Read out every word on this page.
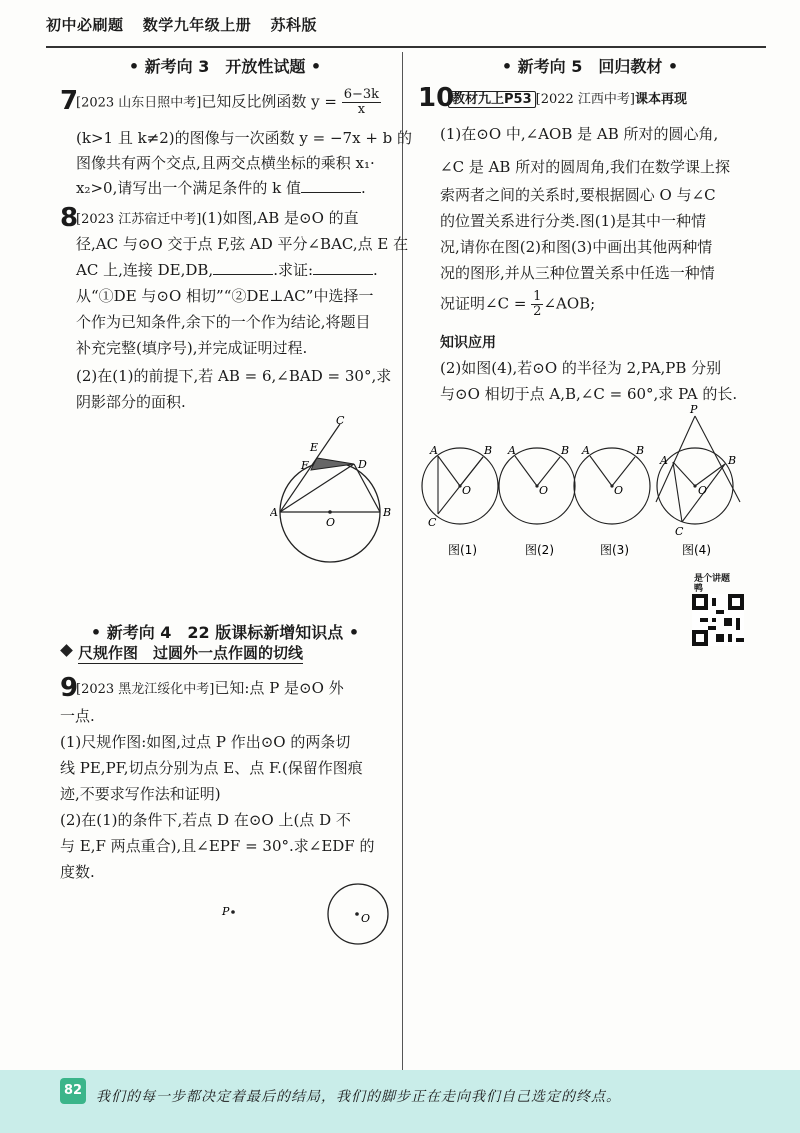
初中必刷题 数学九年级上册 苏科版
• 新考向 3　开放性试题 •
7
[2023 山东日照中考]已知反比例函数 $y = \frac{6-3k}{x}$
(k>1 且 k≠2)的图像与一次函数 y = −7x + b 的
图像共有两个交点,且两交点横坐标的乘积 x₁·
x₂>0,请写出一个满足条件的 k 值	.
8
[2023 江苏宿迁中考](1)如图,AB 是⊙O 的直
径,AC 与⊙O 交于点 F,弦 AD 平分∠BAC,点 E 在
AC 上,连接 DE,DB,	.求证:	.
从“①DE 与⊙O 相切”“②DE⊥AC”中选择一
个作为已知条件,余下的一个作为结论,将题目
补充完整(填序号),并完成证明过程.
(2)在(1)的前提下,若 AB = 6,∠BAD = 30°,求
阴影部分的面积.
C
E
F	D
A
O
B
• 新考向 4　22 版课标新增知识点 •
尺规作图　过圆外一点作圆的切线
9
[2023 黑龙江绥化中考]已知:点 P 是⊙O 外
一点.
(1)尺规作图:如图,过点 P 作出⊙O 的两条切
线 PE,PF,切点分别为点 E、点 F.(保留作图痕
迹,不要求写作法和证明)
(2)在(1)的条件下,若点 D 在⊙O 上(点 D 不
与 E,F 两点重合),且∠EPF = 30°.求∠EDF 的
度数.
O
P
• 新考向 5　回归教材 •
10
教材九上P53 [2022 江西中考]课本再现
(1)在⊙O 中,∠AOB 是 AB 所对的圆心角,
∠C 是 AB 所对的圆周角,我们在数学课上探
索两者之间的关系时,要根据圆心 O 与∠C
的位置关系进行分类.图(1)是其中一种情
况,请你在图(2)和图(3)中画出其他两种情
况的图形,并从三种位置关系中任选一种情
况证明∠C = $\frac{1}{2}$ ∠AOB;
知识应用
(2)如图(4),若⊙O 的半径为 2,PA,PB 分别
与⊙O 相切于点 A,B,∠C = 60°,求 PA 的长.
A	B
O
C
A	B
O
A	B
O
P
A	B
O
C
图(1)	图(2)	图(3)	图(4)
是个讲题鸭
82 我们的每一步都决定着最后的结局，我们的脚步正在走向我们自己选定的终点。
